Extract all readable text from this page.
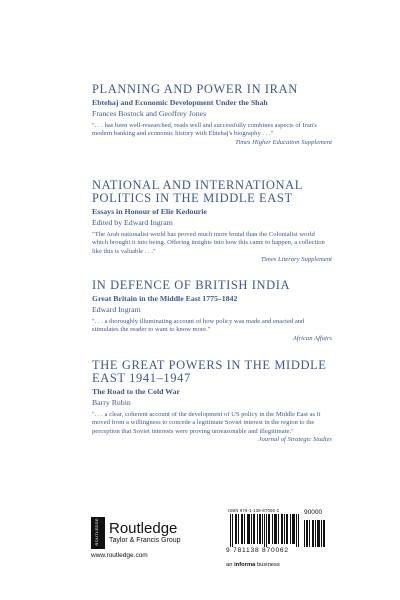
PLANNING AND POWER IN IRAN
Ebtehaj and Economic Development Under the Shah
Frances Bostock and Geoffrey Jones

". . . has been well-researched, reads well and successfully combines aspects of Iran's modern banking and economic history with Ebtehaj's biography . . ."

Times Higher Education Supplement

NATIONAL AND INTERNATIONAL POLITICS IN THE MIDDLE EAST
Essays in Honour of Elie Kedourie
Edited by Edward Ingram

"The Arab nationalist world has proved much more brutal than the Colonialist world which brought it into being. Offering insights into how this came to happen, a collection like this is valuable . . ."

Times Literary Supplement

IN DEFENCE OF BRITISH INDIA
Great Britain in the Middle East 1775–1842
Edward Ingram

". . . a thoroughly illuminating account of how policy was made and enacted and stimulates the reader to want to know more."

African Affairs

THE GREAT POWERS IN THE MIDDLE EAST 1941–1947
The Road to the Cold War
Barry Rubin

". . . a clear, coherent account of the development of US policy in the Middle East as it moved from a willingness to concede a legitimate Soviet interest in the region to the perception that Soviet interests were proving unreasonable and illegitimate."

Journal of Strategic Studies

ROUTLEDGE Routledge
Taylor & Francis Group
www.routledge.com
ISBN 978-1-138-87006-2	90000
9 781138 870062
an informa business
